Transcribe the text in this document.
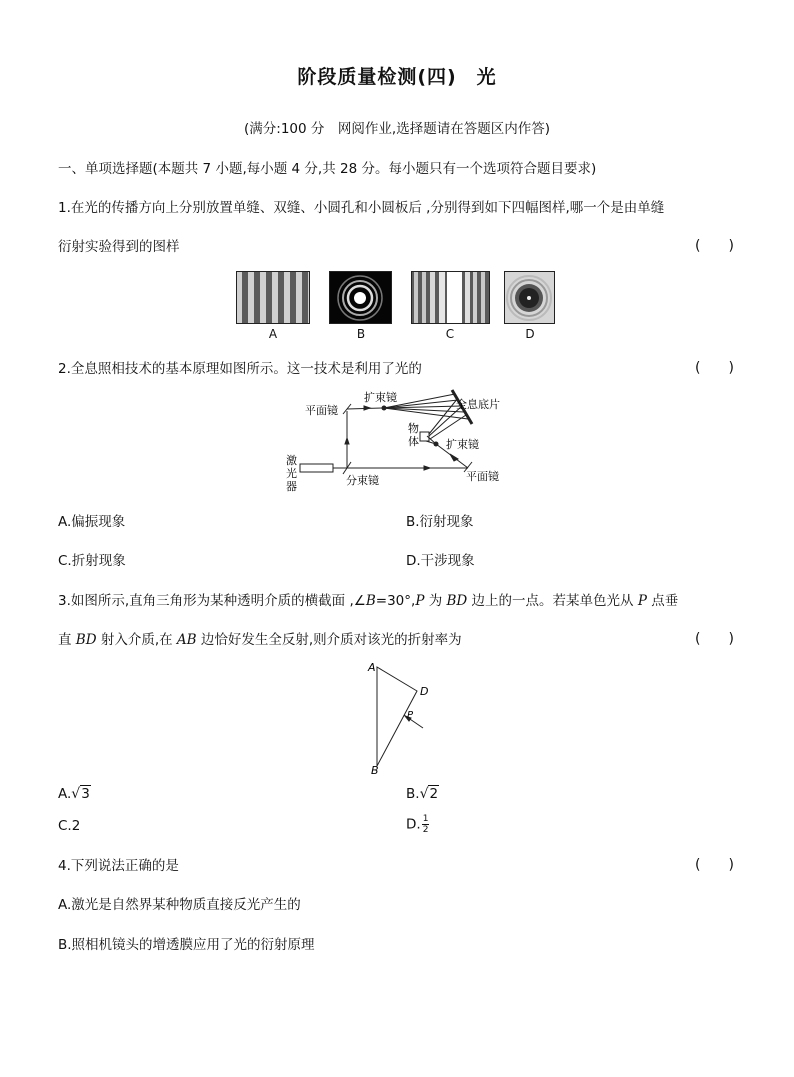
阶段质量检测(四)　光
(满分:100 分　网阅作业,选择题请在答题区内作答)
一、单项选择题(本题共 7 小题,每小题 4 分,共 28 分。每小题只有一个选项符合题目要求)
1.在光的传播方向上分别放置单缝、双缝、小圆孔和小圆板后 ,分别得到如下四幅图样,哪一个是由单缝
衍射实验得到的图样	(　　)
A	B	C	D
2.全息照相技术的基本原理如图所示。这一技术是利用了光的	(　　)
平面镜
扩束镜
全息底片
物
体 扩束镜
激
光
器	分束镜	平面镜
A.偏振现象	B.衍射现象
C.折射现象	D.干涉现象
3.如图所示,直角三角形为某种透明介质的横截面 ,∠B=30°,P 为 BD 边上的一点。若某单色光从 P 点垂
直 BD 射入介质,在 AB 边恰好发生全反射,则介质对该光的折射率为	(　　)
A
D
P
B
A.√3	B.√2
C.2	D. $\frac{1}{2}$
4.下列说法正确的是	(　　)
A.激光是自然界某种物质直接反光产生的
B.照相机镜头的增透膜应用了光的衍射原理
